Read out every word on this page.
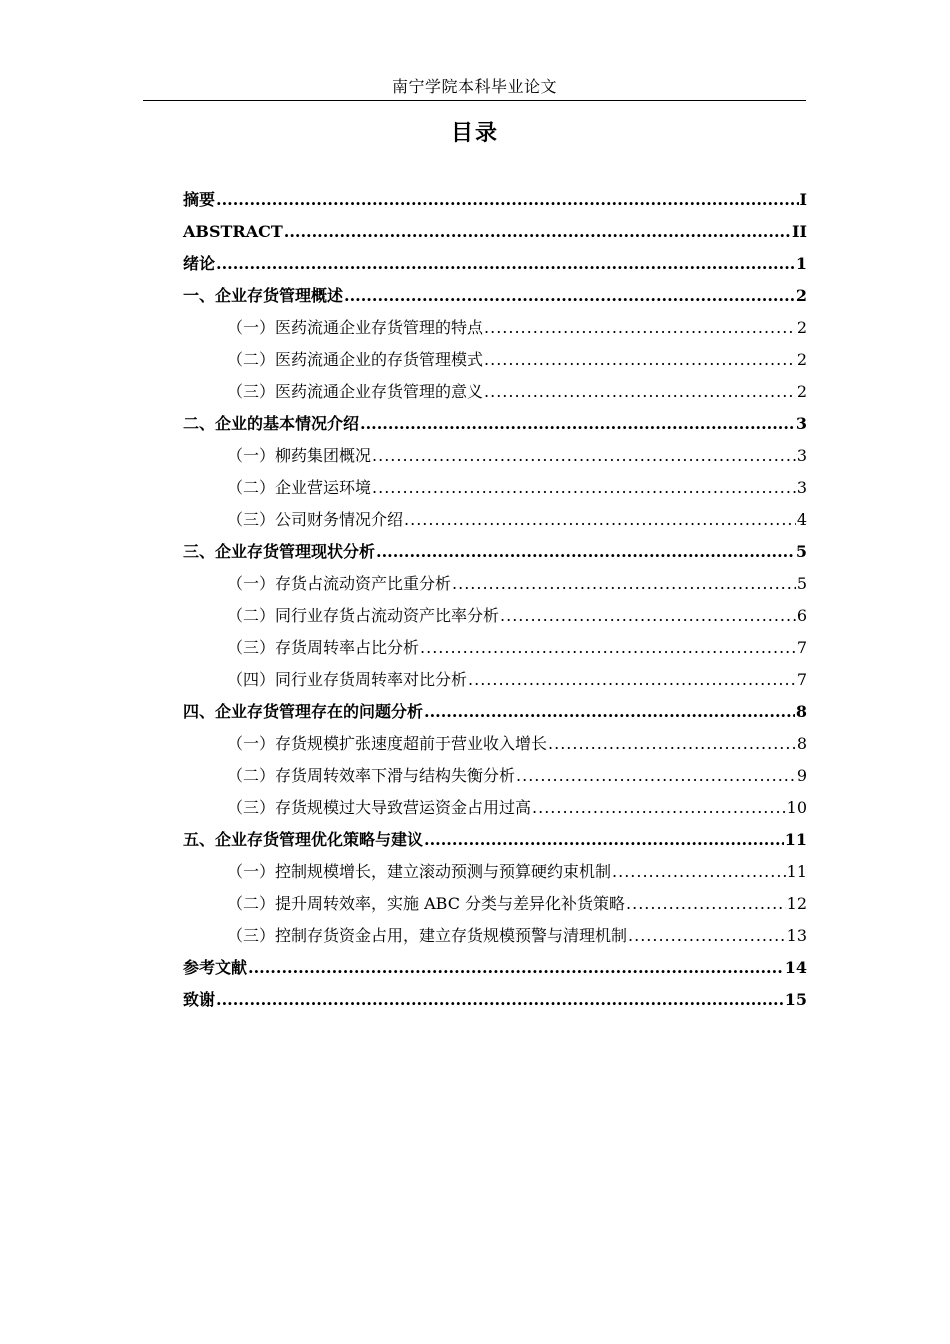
南宁学院本科毕业论文
目录
摘要 .....	I
ABSTRACT .....	II
绪论 .....	1
一、企业存货管理概述 .....	2
（一）医药流通企业存货管理的特点 .....	2
（二）医药流通企业的存货管理模式 .....	2
（三）医药流通企业存货管理的意义 .....	2
二、企业的基本情况介绍 .....	3
（一）柳药集团概况 .....	3
（二）企业营运环境 .....	3
（三）公司财务情况介绍 .....	4
三、企业存货管理现状分析 .....	5
（一）存货占流动资产比重分析 .....	5
（二）同行业存货占流动资产比率分析 .....	6
（三）存货周转率占比分析 .....	7
（四）同行业存货周转率对比分析 .....	7
四、企业存货管理存在的问题分析 .....	8
（一）存货规模扩张速度超前于营业收入增长 .....	8
（二）存货周转效率下滑与结构失衡分析 .....	9
（三）存货规模过大导致营运资金占用过高 .....	10
五、企业存货管理优化策略与建议 .....	11
（一）控制规模增长，建立滚动预测与预算硬约束机制 .....	11
（二）提升周转效率，实施 ABC 分类与差异化补货策略 .....	12
（三）控制存货资金占用，建立存货规模预警与清理机制 .....	13
参考文献 .....	14
致谢 .....	15
